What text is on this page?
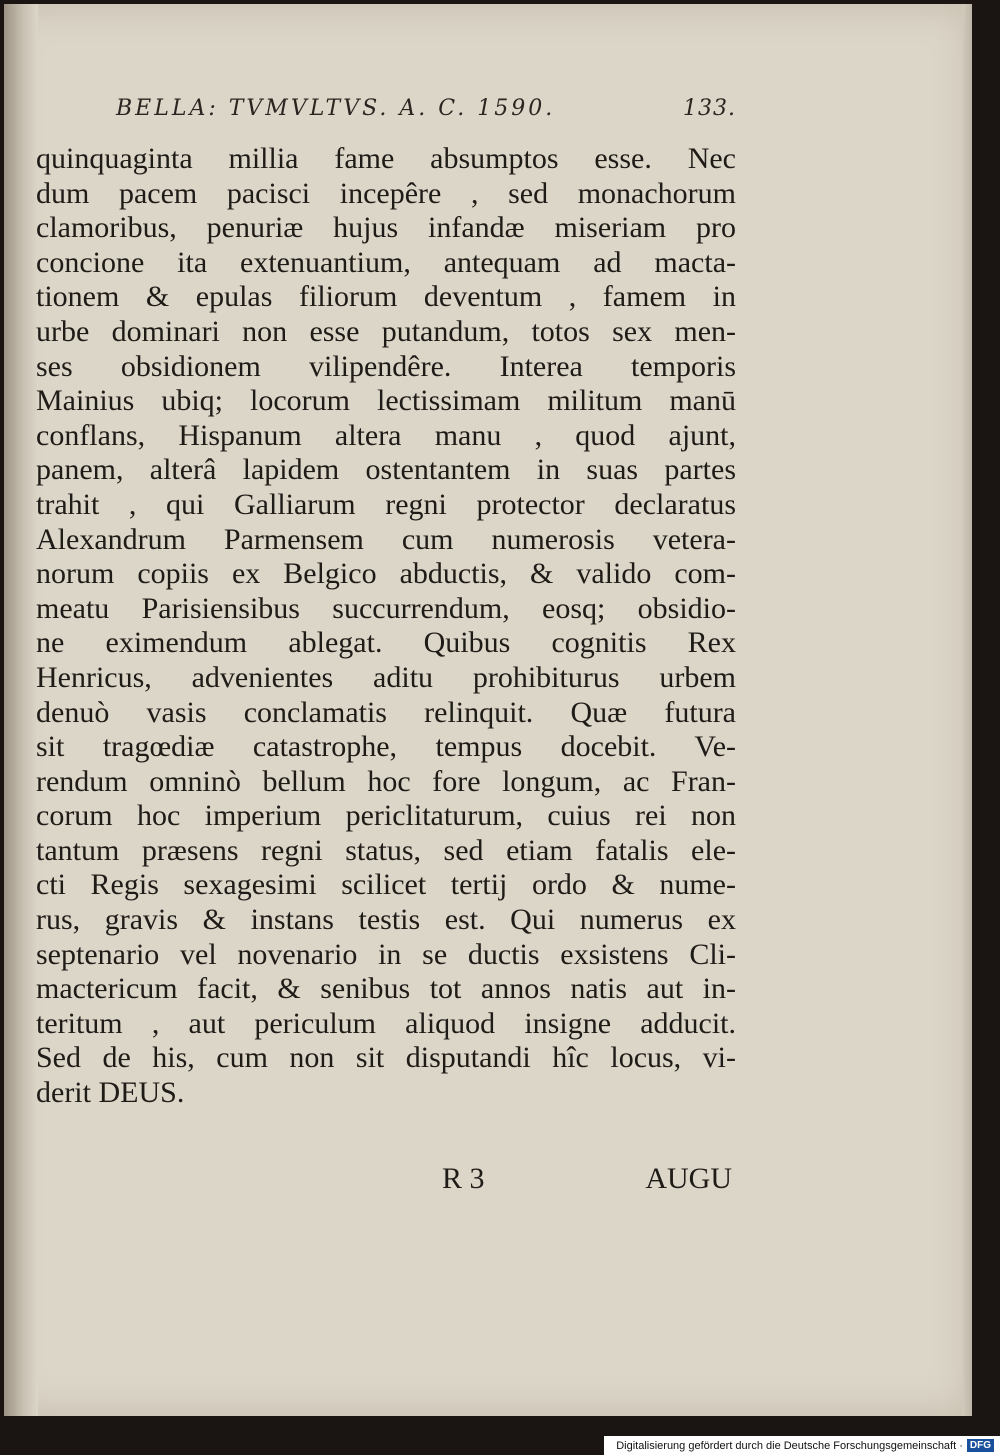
BELLA: TVMVLTVS. A. C. 1590.	133.
quinquaginta millia fame absumptos esse. Nec
dum pacem pacisci incepêre , sed monachorum
clamoribus, penuriæ hujus infandæ miseriam pro
concione ita extenuantium, antequam ad macta-
tionem & epulas filiorum deventum , famem in
urbe dominari non esse putandum, totos sex men-
ses obsidionem vilipendêre. Interea temporis
Mainius ubiq; locorum lectissimam militum manū
conflans, Hispanum altera manu , quod ajunt,
panem, alterâ lapidem ostentantem in suas partes
trahit , qui Galliarum regni protector declaratus
Alexandrum Parmensem cum numerosis vetera-
norum copiis ex Belgico abductis, & valido com-
meatu Parisiensibus succurrendum, eosq; obsidio-
ne eximendum ablegat. Quibus cognitis Rex
Henricus, advenientes aditu prohibiturus urbem
denuò vasis conclamatis relinquit. Quæ futura
sit tragœdiæ catastrophe, tempus docebit. Ve-
rendum omninò bellum hoc fore longum, ac Fran-
corum hoc imperium periclitaturum, cuius rei non
tantum præsens regni status, sed etiam fatalis ele-
cti Regis sexagesimi scilicet tertij ordo & nume-
rus, gravis & instans testis est. Qui numerus ex
septenario vel novenario in se ductis exsistens Cli-
mactericum facit, & senibus tot annos natis aut in-
teritum , aut periculum aliquod insigne adducit.
Sed de his, cum non sit disputandi hîc locus, vi-
derit DEUS.
R 3	AUGU
Digitalisierung gefördert durch die Deutsche Forschungsgemeinschaft · DFG
